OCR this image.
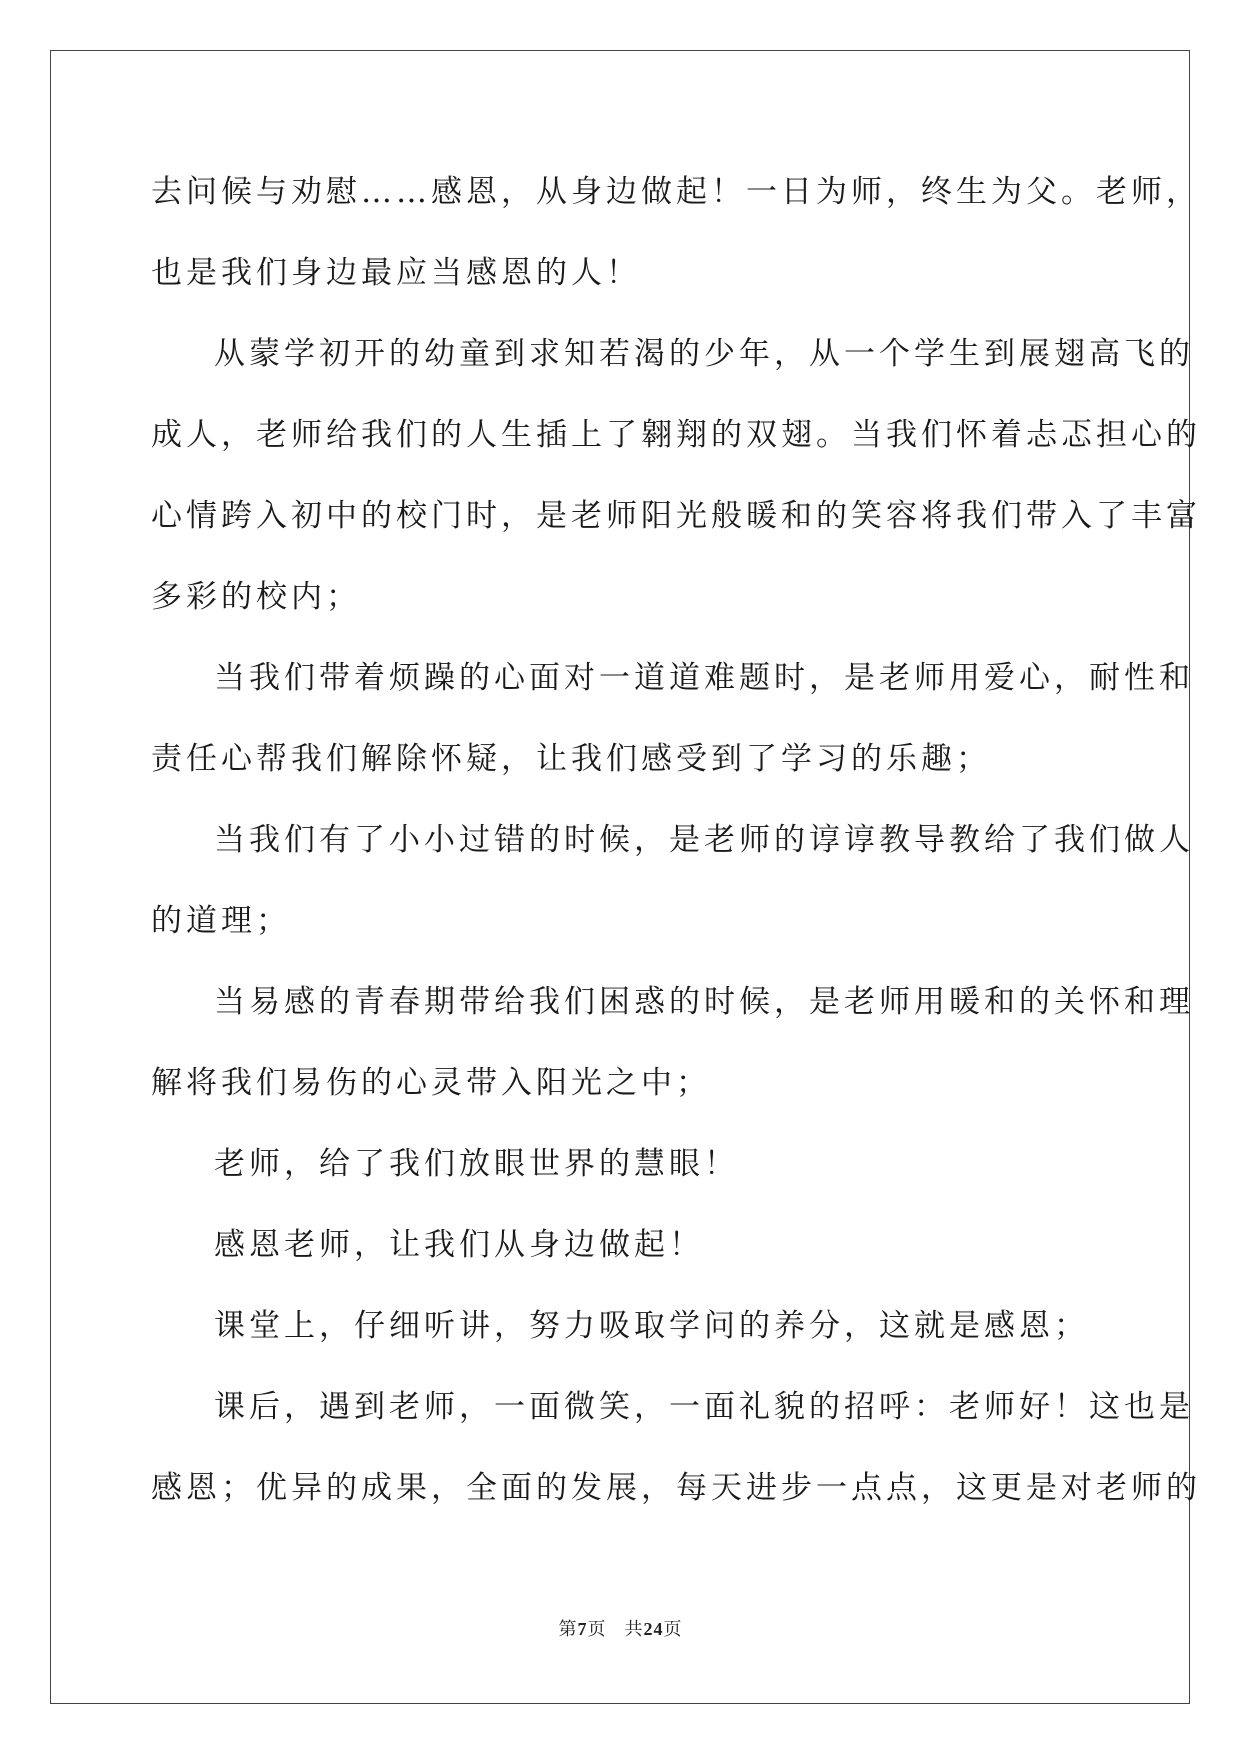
去问候与劝慰……感恩，从身边做起！一日为师，终生为父。老师，
也是我们身边最应当感恩的人！
从蒙学初开的幼童到求知若渴的少年，从一个学生到展翅高飞的
成人，老师给我们的人生插上了翱翔的双翅。当我们怀着忐忑担心的
心情跨入初中的校门时，是老师阳光般暖和的笑容将我们带入了丰富
多彩的校内；
当我们带着烦躁的心面对一道道难题时，是老师用爱心，耐性和
责任心帮我们解除怀疑，让我们感受到了学习的乐趣；
当我们有了小小过错的时候，是老师的谆谆教导教给了我们做人
的道理；
当易感的青春期带给我们困惑的时候，是老师用暖和的关怀和理
解将我们易伤的心灵带入阳光之中；
老师，给了我们放眼世界的慧眼！
感恩老师，让我们从身边做起！
课堂上，仔细听讲，努力吸取学问的养分，这就是感恩；
课后，遇到老师，一面微笑，一面礼貌的招呼：老师好！这也是
感恩；优异的成果，全面的发展，每天进步一点点，这更是对老师的
第7页 共24页
